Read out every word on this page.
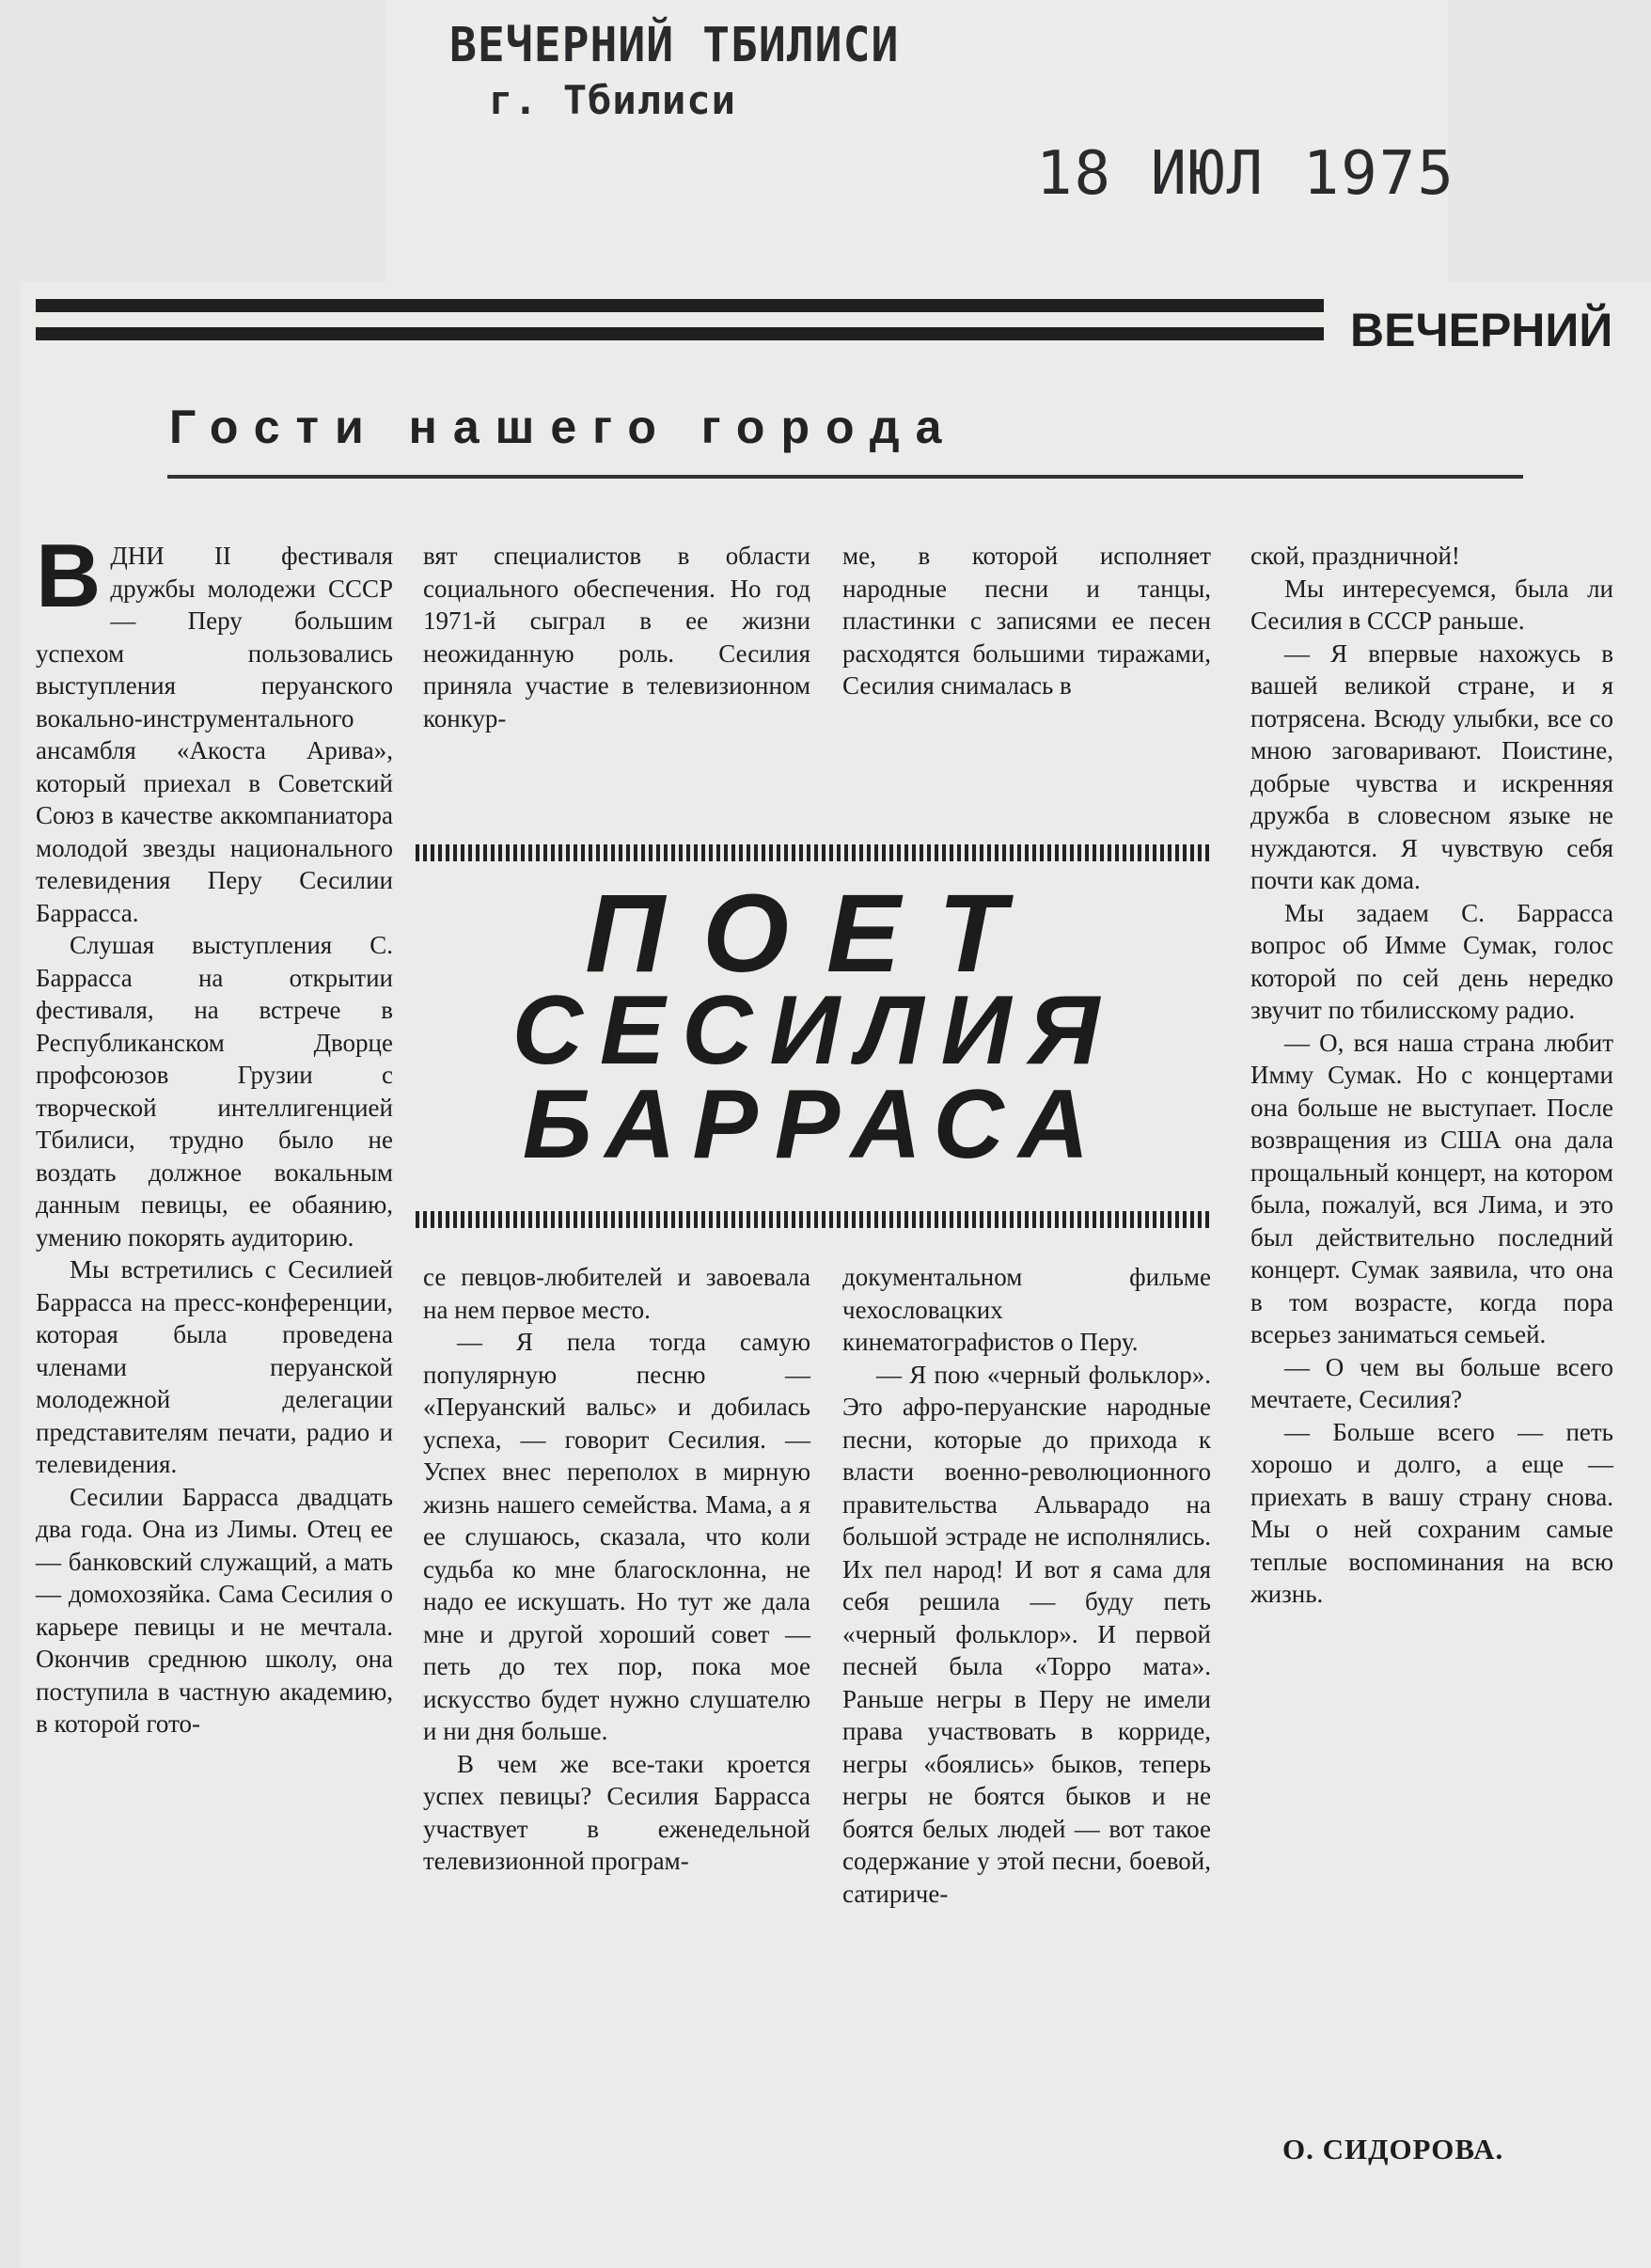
ВЕЧЕРНИЙ ТБИЛИСИ
г. Тбилиси
18 ИЮЛ 1975
ВЕЧЕРНИЙ
Гости нашего города

ВДНИ II фестиваля дружбы молодежи СССР — Перу большим успехом пользовались выступления перуанского вокально-инструментального ансамбля «Акоста Арива», который приехал в Советский Союз в качестве аккомпаниатора молодой звезды национального телевидения Перу Сесилии Баррасса.

Слушая выступления С. Баррасса на открытии фестиваля, на встрече в Республиканском Дворце профсоюзов Грузии с творческой интеллигенцией Тбилиси, трудно было не воздать должное вокальным данным певицы, ее обаянию, умению покорять аудиторию.

Мы встретились с Сесилией Баррасса на пресс-конференции, которая была проведена членами перуанской молодежной делегации представителям печати, радио и телевидения.

Сесилии Баррасса двадцать два года. Она из Лимы. Отец ее — банковский служащий, а мать — домохозяйка. Сама Сесилия о карьере певицы и не мечтала. Окончив среднюю школу, она поступила в частную академию, в которой гото-

вят специалистов в области социального обеспечения. Но год 1971-й сыграл в ее жизни неожиданную роль. Сесилия приняла участие в телевизионном конкур-

ме, в которой исполняет народные песни и танцы, пластинки с записями ее песен расходятся большими тиражами, Сесилия снималась в

ПОЕТ
СЕСИЛИЯ
БАРРАСА

се певцов-любителей и завоевала на нем первое место.

— Я пела тогда самую популярную песню — «Перуанский вальс» и добилась успеха, — говорит Сесилия. — Успех внес переполох в мирную жизнь нашего семейства. Мама, а я ее слушаюсь, сказала, что коли судьба ко мне благосклонна, не надо ее искушать. Но тут же дала мне и другой хороший совет — петь до тех пор, пока мое искусство будет нужно слушателю и ни дня больше.

В чем же все-таки кроется успех певицы? Сесилия Баррасса участвует в еженедельной телевизионной програм-

документальном фильме чехословацких кинематографистов о Перу.

— Я пою «черный фольклор». Это афрo-перуанские народные песни, которые до прихода к власти военно-революционного правительства Альварадо на большой эстраде не исполнялись. Их пел народ! И вот я сама для себя решила — буду петь «черный фольклор». И первой песней была «Торро мата». Раньше негры в Перу не имели права участвовать в корриде, негры «боялись» быков, теперь негры не боятся быков и не боятся белых людей — вот такое содержание у этой песни, боевой, сатириче-

ской, праздничной!

Мы интересуемся, была ли Сесилия в СССР раньше.

— Я впервые нахожусь в вашей великой стране, и я потрясена. Всюду улыбки, все со мною заговаривают. Поистине, добрые чувства и искренняя дружба в словесном языке не нуждаются. Я чувствую себя почти как дома.

Мы задаем С. Баррасса вопрос об Имме Сумак, голос которой по сей день нередко звучит по тбилисскому радио.

— О, вся наша страна любит Имму Сумак. Но с концертами она больше не выступает. После возвращения из США она дала прощальный концерт, на котором была, пожалуй, вся Лима, и это был действительно последний концерт. Сумак заявила, что она в том возрасте, когда пора всерьез заниматься семьей.

— О чем вы больше всего мечтаете, Сесилия?

— Больше всего — петь хорошо и долго, а еще — приехать в вашу страну снова. Мы о ней сохраним самые теплые воспоминания на всю жизнь.

О. СИДОРОВА.
